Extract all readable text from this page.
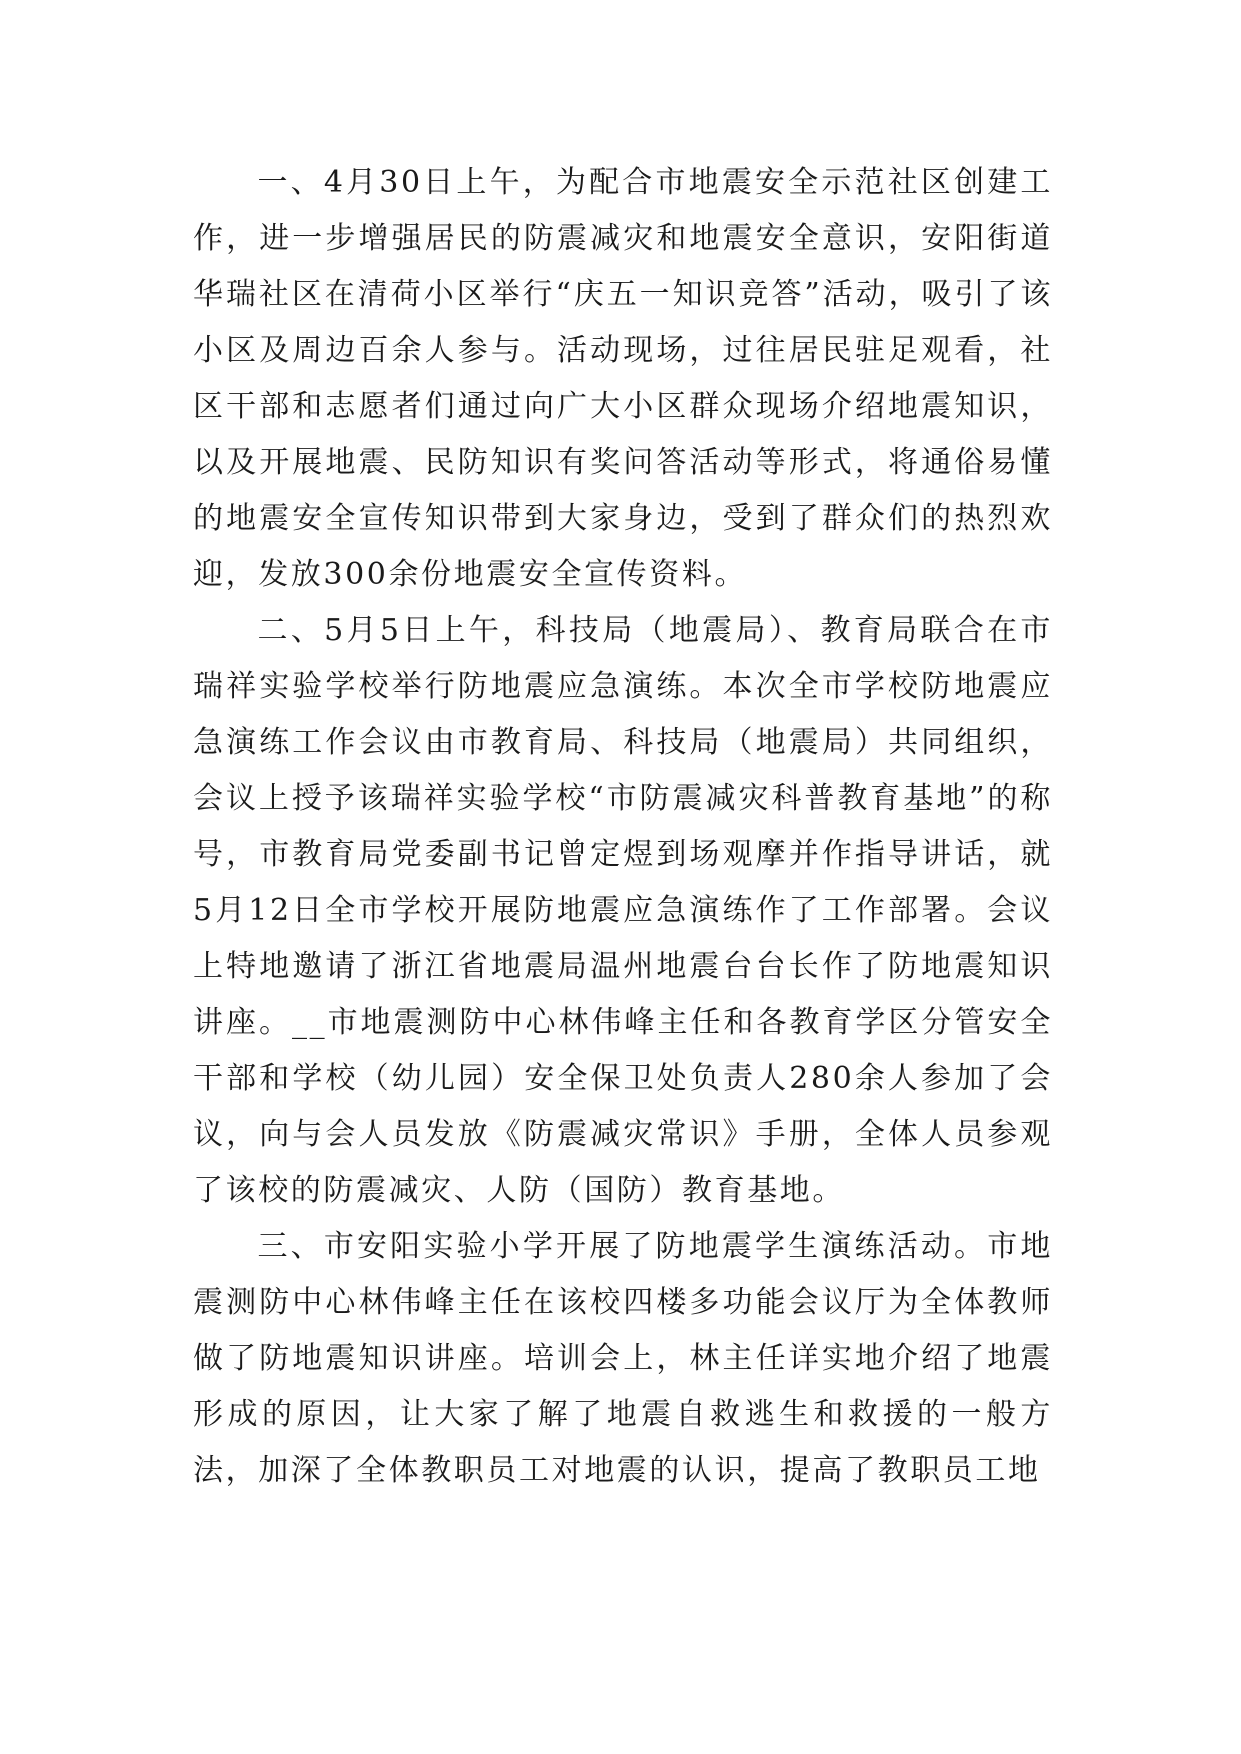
一、4月30日上午，为配合市地震安全示范社区创建工作，进一步增强居民的防震减灾和地震安全意识，安阳街道华瑞社区在清荷小区举行“庆五一知识竞答”活动，吸引了该小区及周边百余人参与。活动现场，过往居民驻足观看，社区干部和志愿者们通过向广大小区群众现场介绍地震知识，以及开展地震、民防知识有奖问答活动等形式，将通俗易懂的地震安全宣传知识带到大家身边，受到了群众们的热烈欢迎，发放300余份地震安全宣传资料。

二、5月5日上午，科技局（地震局）、教育局联合在市瑞祥实验学校举行防地震应急演练。本次全市学校防地震应急演练工作会议由市教育局、科技局（地震局）共同组织，会议上授予该瑞祥实验学校“市防震减灾科普教育基地”的称号，市教育局党委副书记曾定煜到场观摩并作指导讲话，就5月12日全市学校开展防地震应急演练作了工作部署。会议上特地邀请了浙江省地震局温州地震台台长作了防地震知识讲座。__市地震测防中心林伟峰主任和各教育学区分管安全干部和学校（幼儿园）安全保卫处负责人280余人参加了会议，向与会人员发放《防震减灾常识》手册，全体人员参观了该校的防震减灾、人防（国防）教育基地。

三、市安阳实验小学开展了防地震学生演练活动。市地震测防中心林伟峰主任在该校四楼多功能会议厅为全体教师做了防地震知识讲座。培训会上，林主任详实地介绍了地震形成的原因，让大家了解了地震自救逃生和救援的一般方法，加深了全体教职员工对地震的认识，提高了教职员工地
